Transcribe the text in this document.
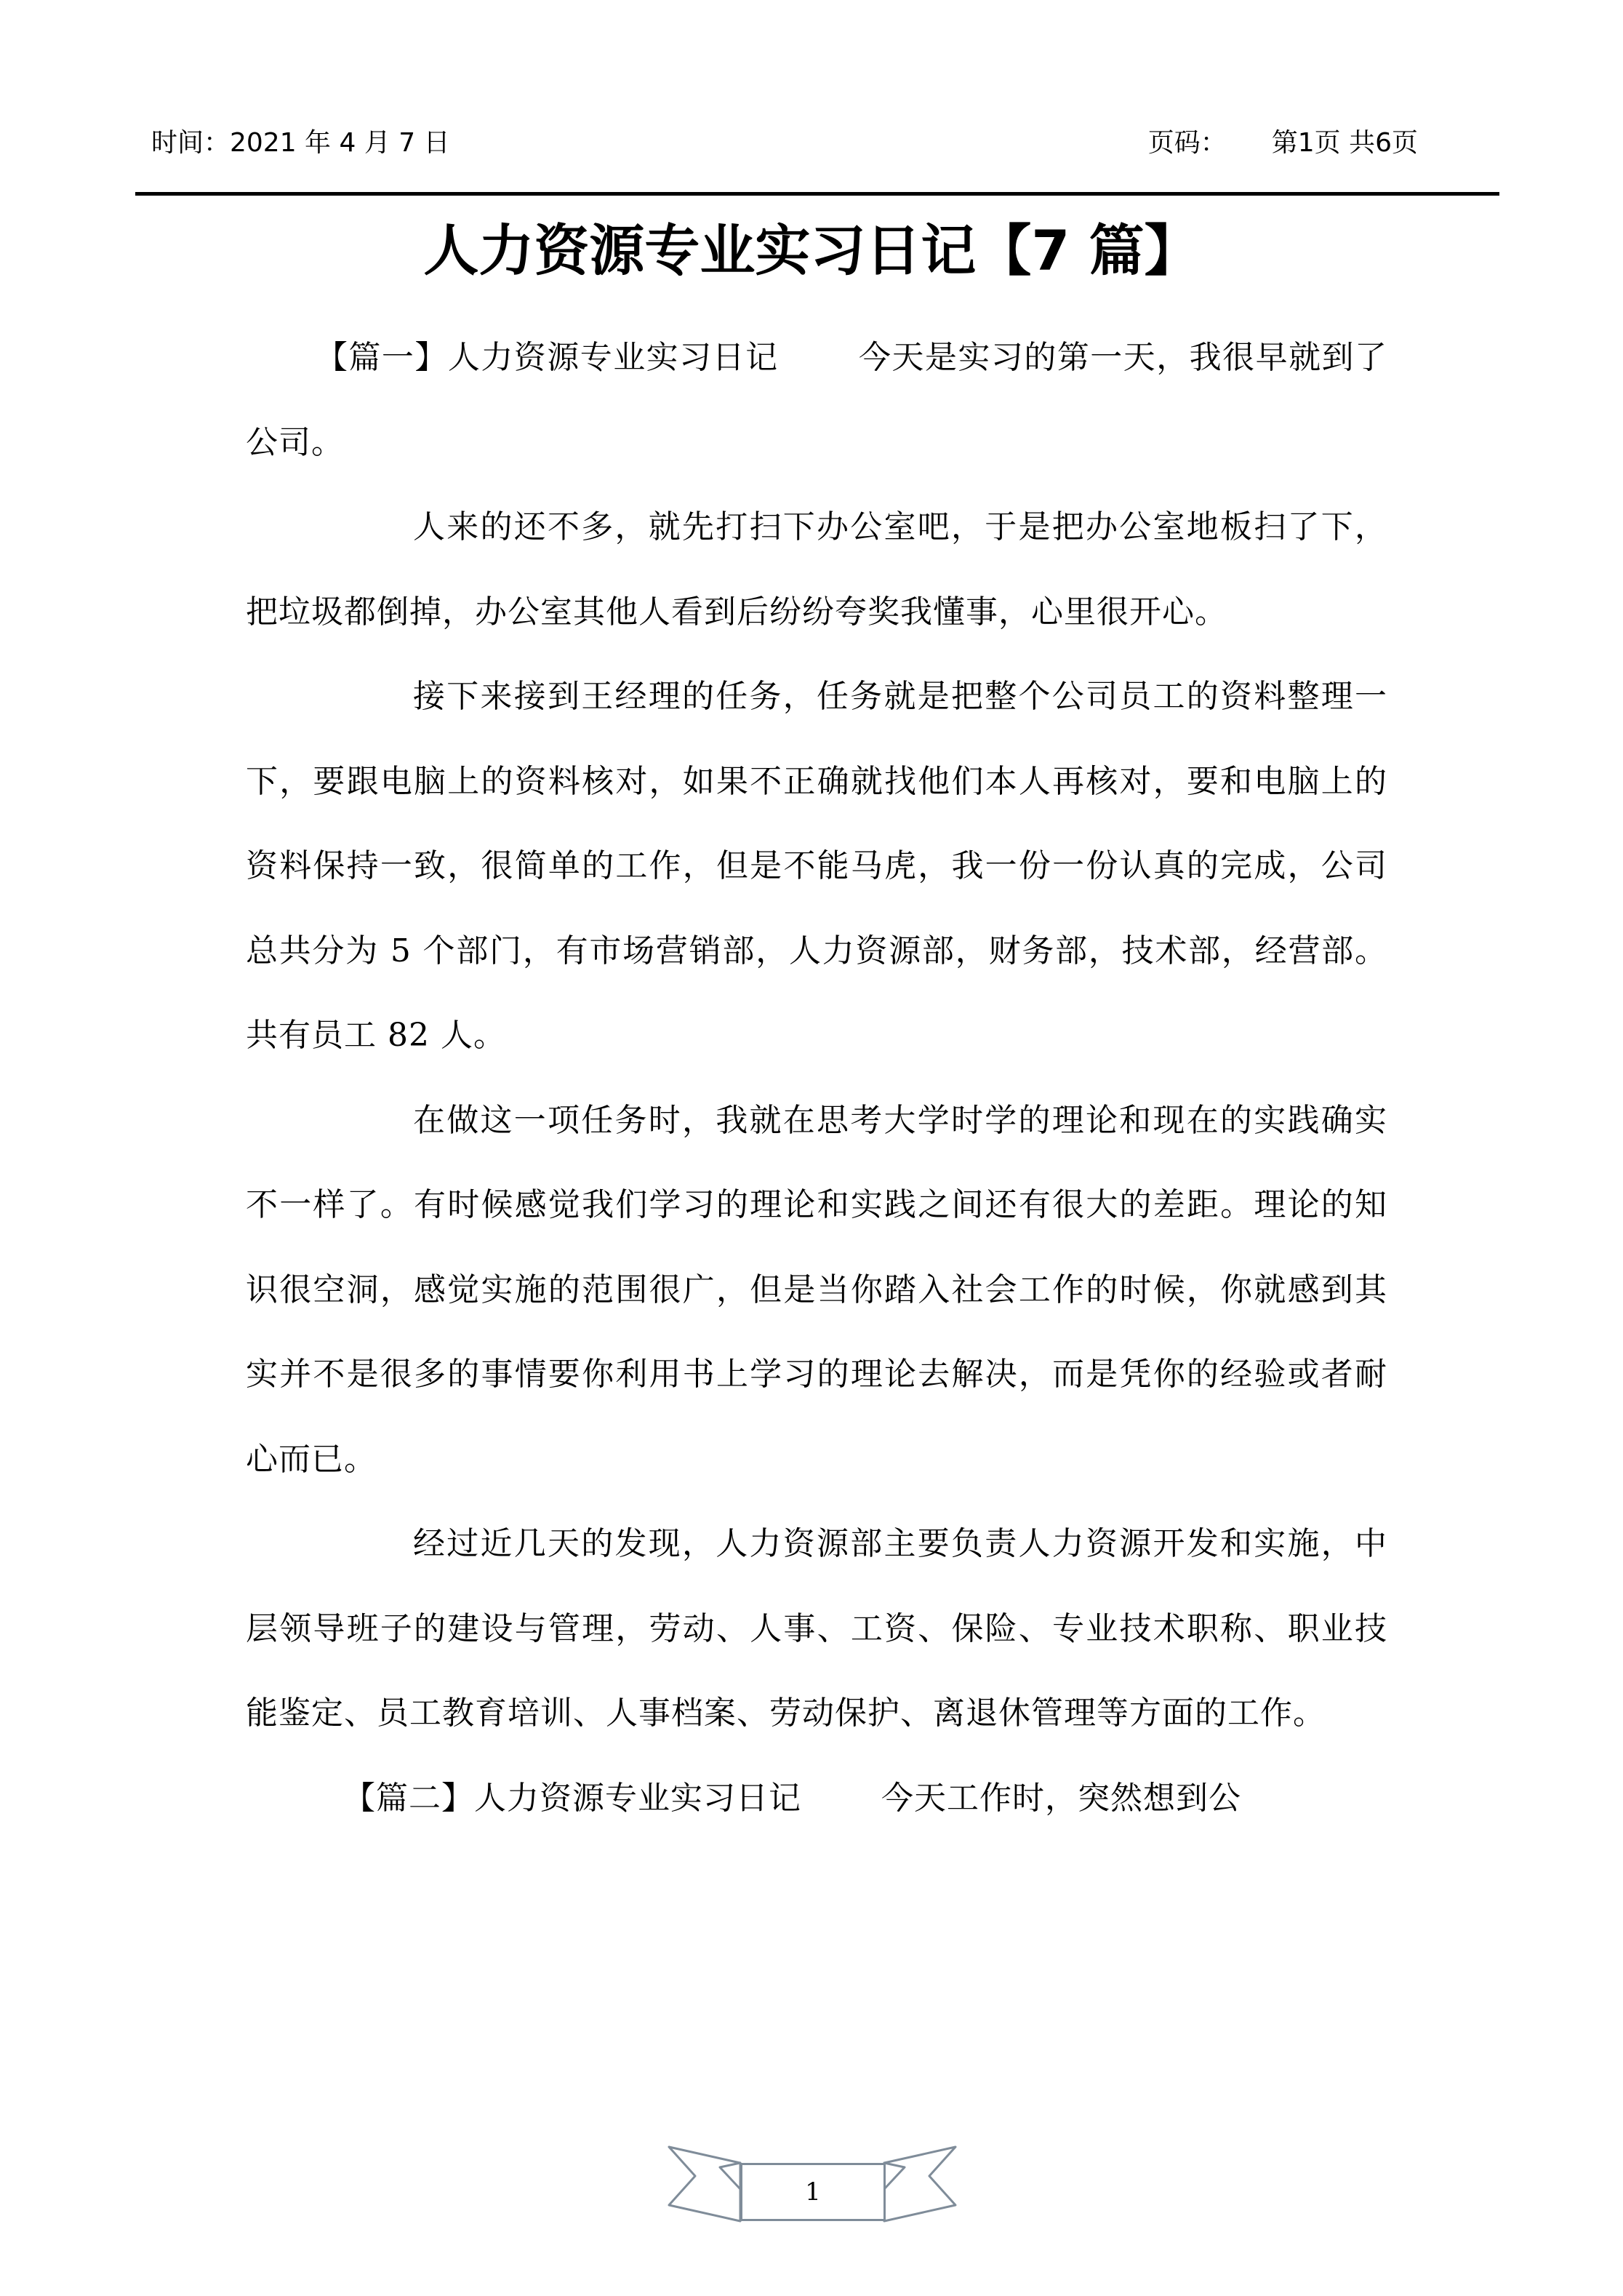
时间：2021 年 4 月 7 日	页码： 第1页 共6页
人力资源专业实习日记【7 篇】

【篇一】人力资源专业实习日记	今天是实习的第一天，我很早就到了公司。

人来的还不多，就先打扫下办公室吧，于是把办公室地板扫了下，把垃圾都倒掉，办公室其他人看到后纷纷夸奖我懂事，心里很开心。

接下来接到王经理的任务，任务就是把整个公司员工的资料整理一下，要跟电脑上的资料核对，如果不正确就找他们本人再核对，要和电脑上的资料保持一致，很简单的工作，但是不能马虎，我一份一份认真的完成，公司总共分为 5 个部门，有市场营销部，人力资源部，财务部，技术部，经营部。共有员工 82 人。

在做这一项任务时，我就在思考大学时学的理论和现在的实践确实不一样了。有时候感觉我们学习的理论和实践之间还有很大的差距。理论的知识很空洞，感觉实施的范围很广，但是当你踏入社会工作的时候，你就感到其实并不是很多的事情要你利用书上学习的理论去解决，而是凭你的经验或者耐心而已。

经过近几天的发现，人力资源部主要负责人力资源开发和实施，中层领导班子的建设与管理，劳动、人事、工资、保险、专业技术职称、职业技能鉴定、员工教育培训、人事档案、劳动保护、离退休管理等方面的工作。

【篇二】人力资源专业实习日记	今天工作时，突然想到公

1
